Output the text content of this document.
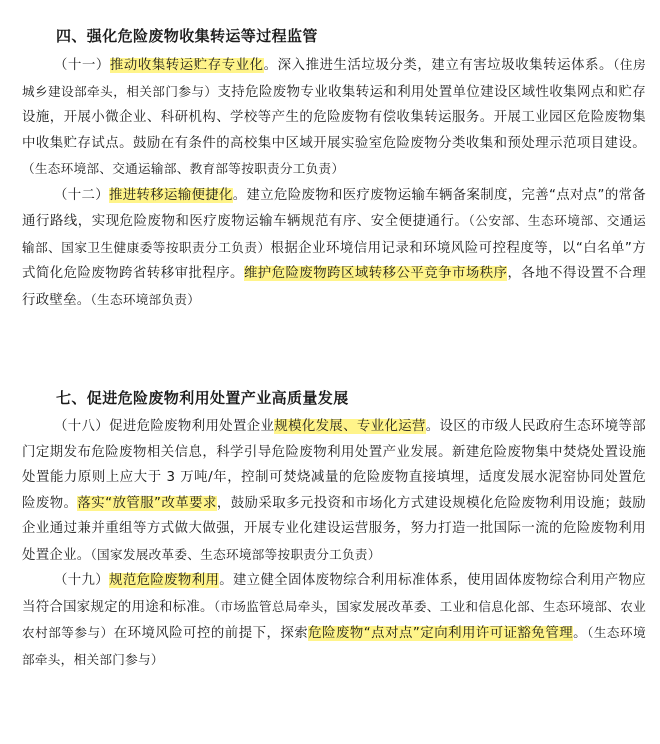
四、强化危险废物收集转运等过程监管

（十一）推动收集转运贮存专业化。深入推进生活垃圾分类，建立有害垃圾收集转运体系。（住房城乡建设部牵头，相关部门参与）支持危险废物专业收集转运和利用处置单位建设区域性收集网点和贮存设施，开展小微企业、科研机构、学校等产生的危险废物有偿收集转运服务。开展工业园区危险废物集中收集贮存试点。鼓励在有条件的高校集中区域开展实验室危险废物分类收集和预处理示范项目建设。（生态环境部、交通运输部、教育部等按职责分工负责）

（十二）推进转移运输便捷化。建立危险废物和医疗废物运输车辆备案制度，完善“点对点”的常备通行路线，实现危险废物和医疗废物运输车辆规范有序、安全便捷通行。（公安部、生态环境部、交通运输部、国家卫生健康委等按职责分工负责）根据企业环境信用记录和环境风险可控程度等，以“白名单”方式简化危险废物跨省转移审批程序。维护危险废物跨区域转移公平竞争市场秩序，各地不得设置不合理行政壁垒。（生态环境部负责）

七、促进危险废物利用处置产业高质量发展

（十八）促进危险废物利用处置企业规模化发展、专业化运营。设区的市级人民政府生态环境等部门定期发布危险废物相关信息，科学引导危险废物利用处置产业发展。新建危险废物集中焚烧处置设施处置能力原则上应大于 3 万吨/年，控制可焚烧减量的危险废物直接填埋，适度发展水泥窑协同处置危险废物。落实“放管服”改革要求，鼓励采取多元投资和市场化方式建设规模化危险废物利用设施；鼓励企业通过兼并重组等方式做大做强，开展专业化建设运营服务，努力打造一批国际一流的危险废物利用处置企业。（国家发展改革委、生态环境部等按职责分工负责）

（十九）规范危险废物利用。建立健全固体废物综合利用标准体系，使用固体废物综合利用产物应当符合国家规定的用途和标准。（市场监管总局牵头，国家发展改革委、工业和信息化部、生态环境部、农业农村部等参与）在环境风险可控的前提下，探索危险废物“点对点”定向利用许可证豁免管理。（生态环境部牵头，相关部门参与）
